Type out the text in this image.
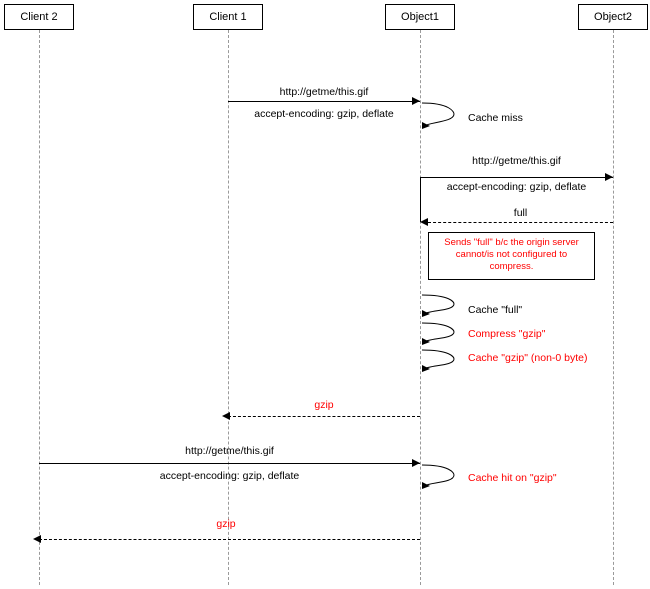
Client 2	Client 1	Object1	Object2
http://getme/this.gif
accept-encoding: gzip, deflate	Cache miss
http://getme/this.gif
accept-encoding: gzip, deflate
full
Sends "full" b/c the origin server cannot/is not configured to compress.
Cache "full"
Compress "gzip"
Cache "gzip" (non-0 byte)
gzip
http://getme/this.gif
accept-encoding: gzip, deflate	Cache hit on "gzip"
gzip
